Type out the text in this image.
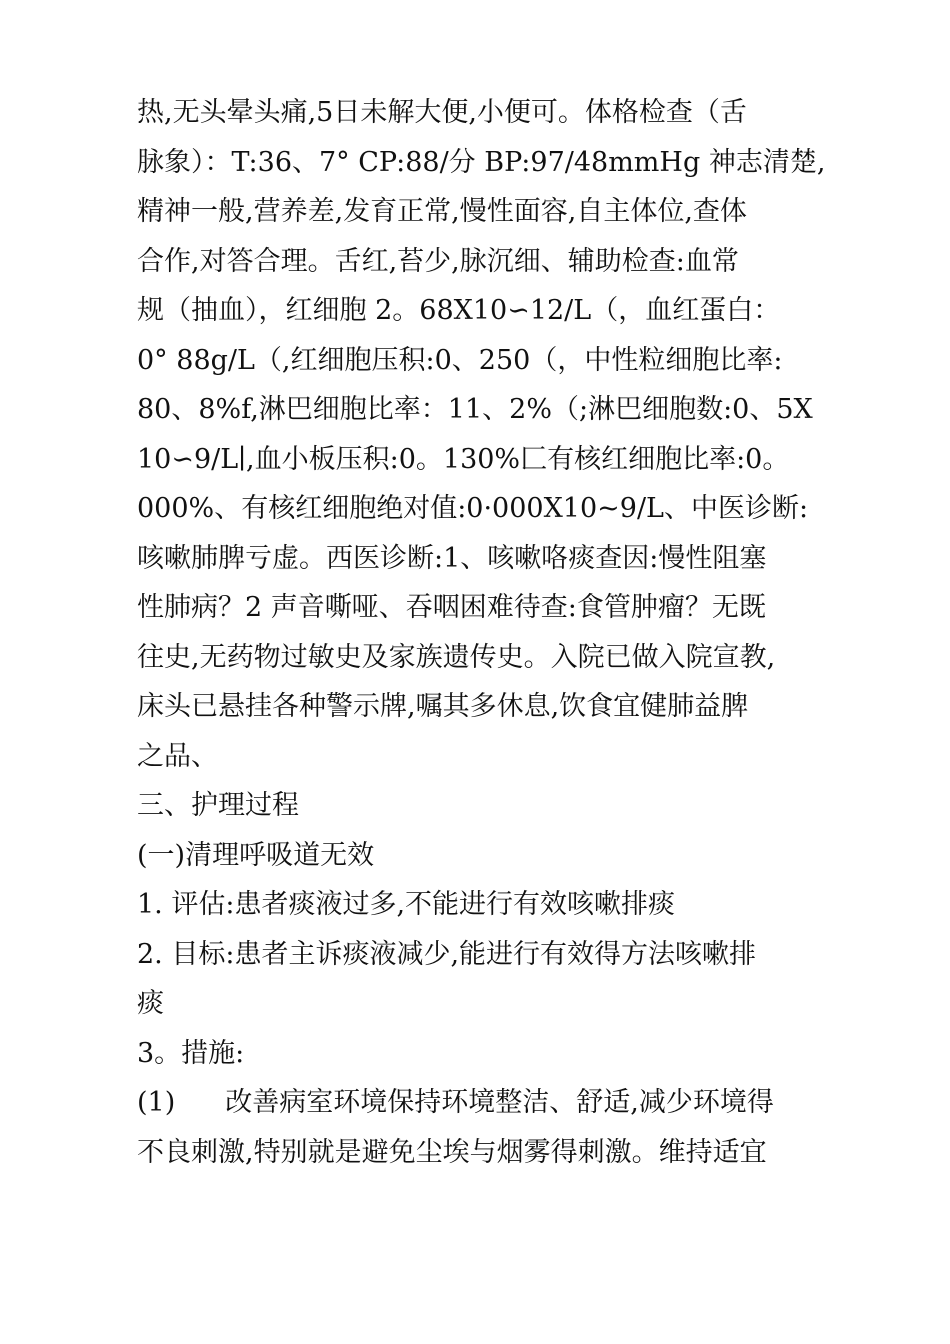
热,无头晕头痛,5日未解大便,小便可。体格检查（舌
脉象）：T:36、7° CP:88/分 BP:97/48mmHg 神志清楚,
精神一般,营养差,发育正常,慢性面容,自主体位,查体
合作,对答合理。舌红,苔少,脉沉细、辅助检查:血常
规（抽血），红细胞 2。68X10∽12/L（，血红蛋白：
0° 88g/L（,红细胞压积:0、250（，中性粒细胞比率:
80、8%f,淋巴细胞比率：11、2%（;淋巴细胞数:0、5X
10∽9/L∣,血小板压积:0。130%匚有核红细胞比率:0。
000%、有核红细胞绝对值:0·000X10~9/L、中医诊断:
咳嗽肺脾亏虚。西医诊断:1、咳嗽咯痰查因:慢性阻塞
性肺病？2 声音嘶哑、吞咽困难待查:食管肿瘤？无既
往史,无药物过敏史及家族遗传史。入院已做入院宣教,
床头已悬挂各种警示牌,嘱其多休息,饮食宜健肺益脾
之品、
三、护理过程
(一)清理呼吸道无效
1. 评估:患者痰液过多,不能进行有效咳嗽排痰
2. 目标:患者主诉痰液减少,能进行有效得方法咳嗽排
痰
3。措施:
(1) 改善病室环境保持环境整洁、舒适,减少环境得
不良刺激,特别就是避免尘埃与烟雾得刺激。维持适宜
